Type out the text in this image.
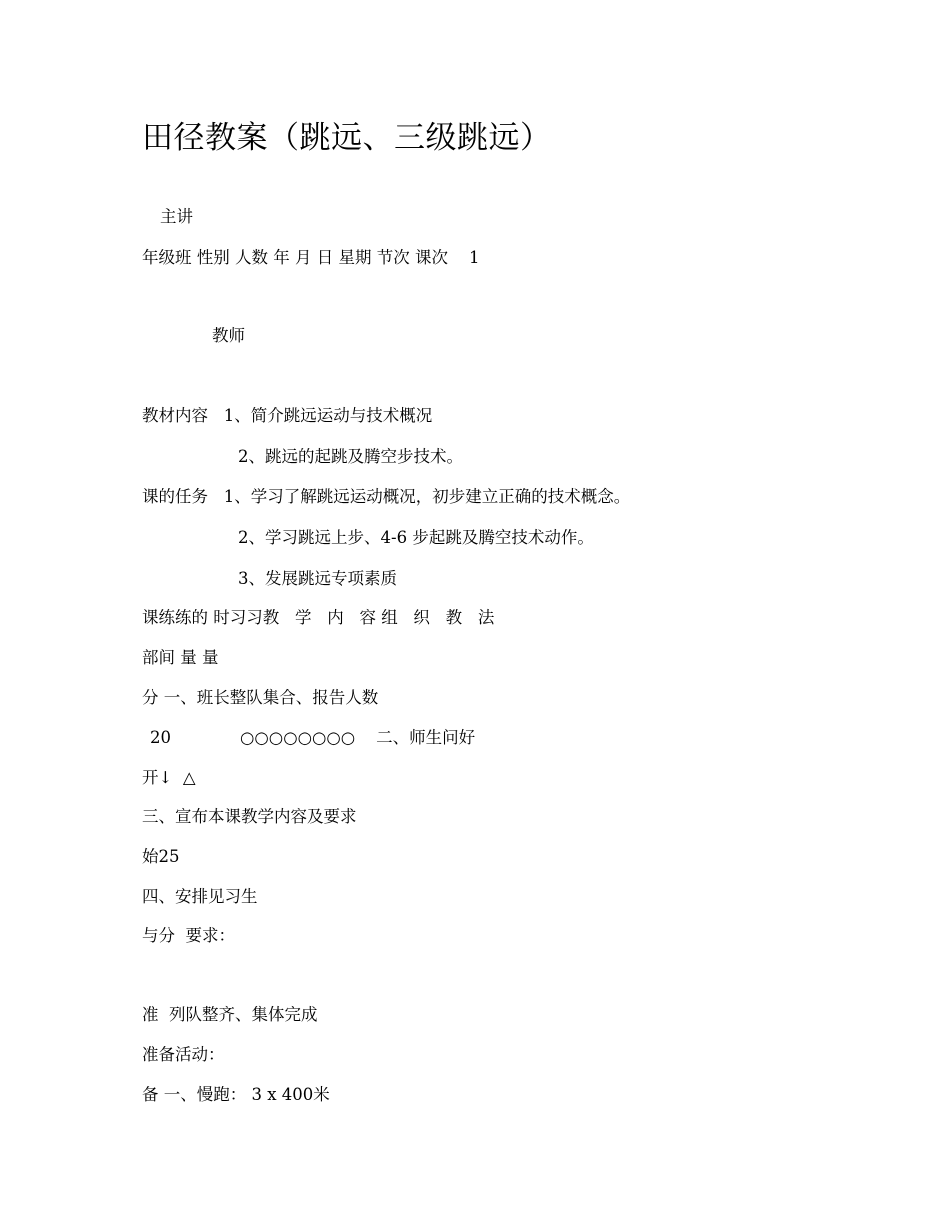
田径教案（跳远、三级跳远）
主讲
年级班 性别 人数 年 月 日 星期 节次 课次    1
教师
教材内容   1、简介跳远运动与技术概况
2、跳远的起跳及腾空步技术。
课的任务   1、学习了解跳远运动概况，初步建立正确的技术概念。
2、学习跳远上步、4-6 步起跳及腾空技术动作。
3、发展跳远专项素质
课练练的 时习习教   学   内   容 组   织   教   法
部间 量 量
分 一、班长整队集合、报告人数
20	○○○○○○○○    二、师生问好
开↓  △
三、宣布本课教学内容及要求
始25
四、安排见习生
与分  要求：
准  列队整齐、集体完成
准备活动：
备 一、慢跑： 3 x 400米
